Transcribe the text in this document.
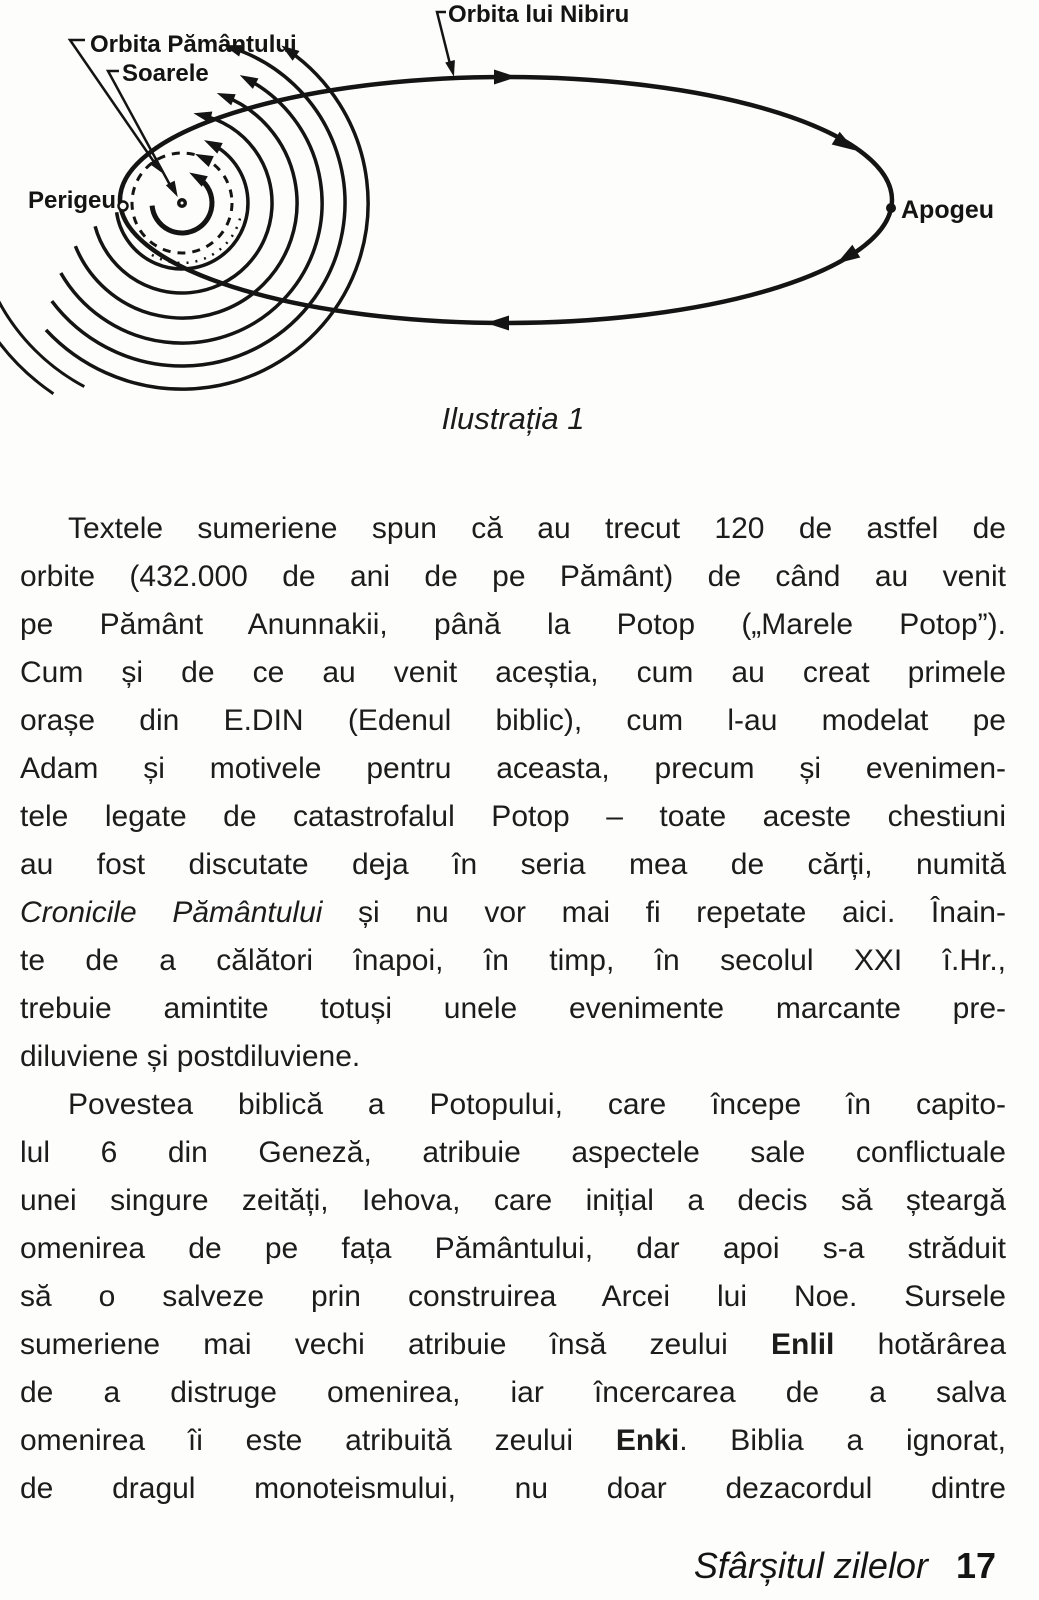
Orbita lui Nibiru
Orbita Pământului
Soarele
Perigeu	Apogeu
Ilustrația 1
Textele sumeriene spun că au trecut 120 de astfel de
orbite (432.000 de ani de pe Pământ) de când au venit
pe Pământ Anunnakii, până la Potop („Marele Potop”).
Cum și de ce au venit aceștia, cum au creat primele
orașe din E.DIN (Edenul biblic), cum l-au modelat pe
Adam și motivele pentru aceasta, precum și evenimen-
tele legate de catastrofalul Potop – toate aceste chestiuni
au fost discutate deja în seria mea de cărți, numită
Cronicile Pământului și nu vor mai fi repetate aici. Înain-
te de a călători înapoi, în timp, în secolul XXI î.Hr.,
trebuie amintite totuși unele evenimente marcante pre-
diluviene și postdiluviene.
Povestea biblică a Potopului, care începe în capito-
lul 6 din Geneză, atribuie aspectele sale conflictuale
unei singure zeități, Iehova, care inițial a decis să șteargă
omenirea de pe fața Pământului, dar apoi s-a străduit
să o salveze prin construirea Arcei lui Noe. Sursele
sumeriene mai vechi atribuie însă zeului Enlil hotărârea
de a distruge omenirea, iar încercarea de a salva
omenirea îi este atribuită zeului Enki. Biblia a ignorat,
de dragul monoteismului, nu doar dezacordul dintre
Sfârșitul zilelor 17
